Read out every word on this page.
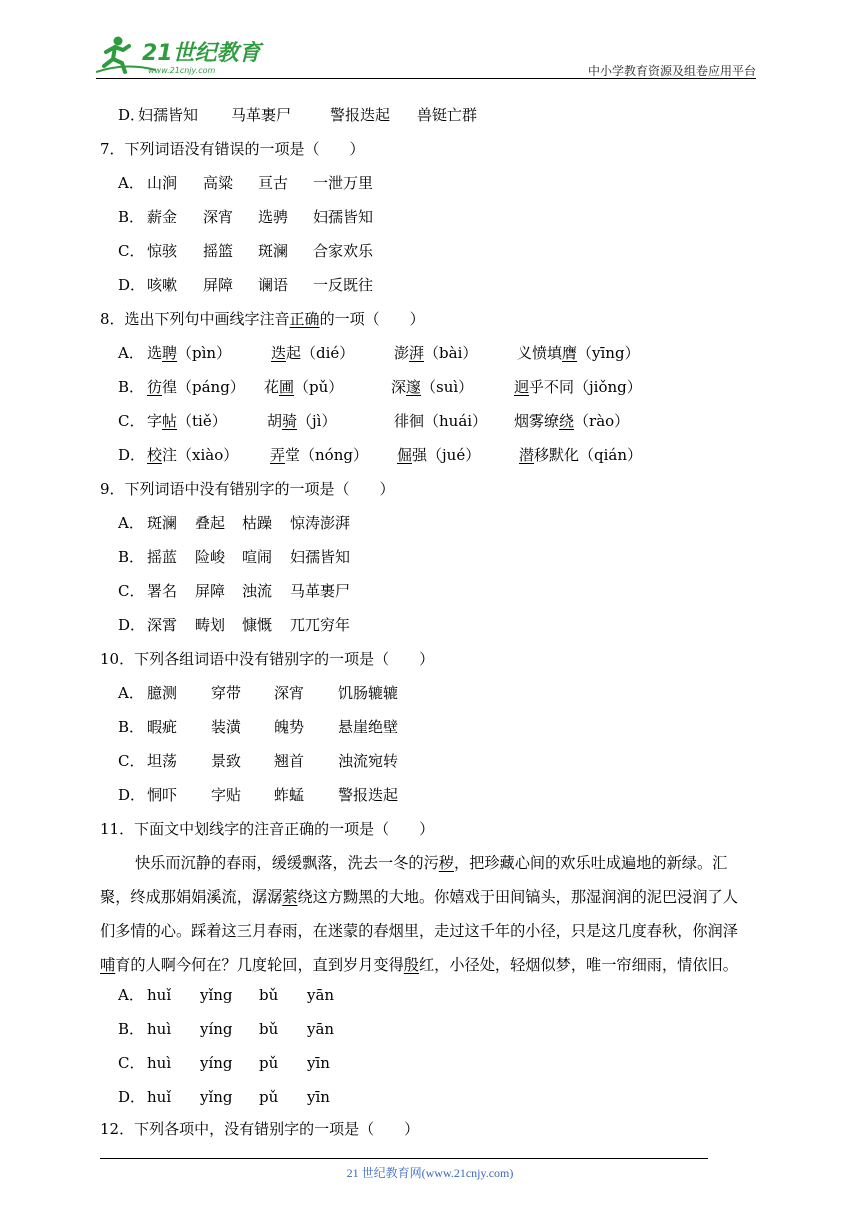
21世纪教育
www.21cnjy.com	中小学教育资源及组卷应用平台
D．
妇孺皆知 马革裹尸	警报迭起 兽铤亡群
7．下列词语没有错误的一项是（　　）
A． 山涧 高粱 亘古 一泄万里
B． 薪金 深宵 选骋 妇孺皆知
C． 惊骇 摇篮 斑澜 合家欢乐
D． 咳嗽 屏障 谰语 一反既往
8．选出下列句中画线字注音正确的一项（　　）
A． 选聘（pìn）	迭起（dié）	澎湃（bài）	义愤填膺（yīng）
B． 彷徨（páng） 花圃（pǔ）	深邃（suì）	迥乎不同（jiǒng）
C． 字帖（tiě）	胡骑（jì）	徘徊（huái） 烟雾缭绕（rào）
D． 校注（xiào） 弄堂（nóng） 倔强（jué）	潜移默化（qián）
9．下列词语中没有错别字的一项是（　　）
A． 斑澜 叠起 枯躁 惊涛澎湃
B． 摇蓝 险峻 喧闹 妇孺皆知
C． 署名 屏障 浊流 马革裹尸
D． 深霄 畴划 慷慨 兀兀穷年
10．下列各组词语中没有错别字的一项是（　　）
A． 臆测 穿带 深宵 饥肠辘辘
B． 暇疵 装潢 魄势 悬崖绝壁
C． 坦荡 景致 翘首 浊流宛转
D． 恫吓 字贴 蚱蜢 警报迭起
11．下面文中划线字的注音正确的一项是（　　）
快乐而沉静的春雨，缓缓飘落，洗去一冬的污秽，把珍藏心间的欢乐吐成遍地的新绿。汇
聚，终成那娟娟溪流，潺潺萦绕这方黝黑的大地。你嬉戏于田间镐头，那湿润润的泥巴浸润了人
们多情的心。踩着这三月春雨，在迷蒙的春烟里，走过这千年的小径，只是这几度春秋，你润泽
哺育的人啊今何在？几度轮回，直到岁月变得殷红，小径处，轻烟似梦，唯一帘细雨，情依旧。
A． huǐ yǐng bǔ yān
B． huì yíng bǔ yān
C． huì yíng pǔ yīn
D． huǐ yǐng pǔ yīn
12．下列各项中，没有错别字的一项是（　　）
21 世纪教育网(www.21cnjy.com)
